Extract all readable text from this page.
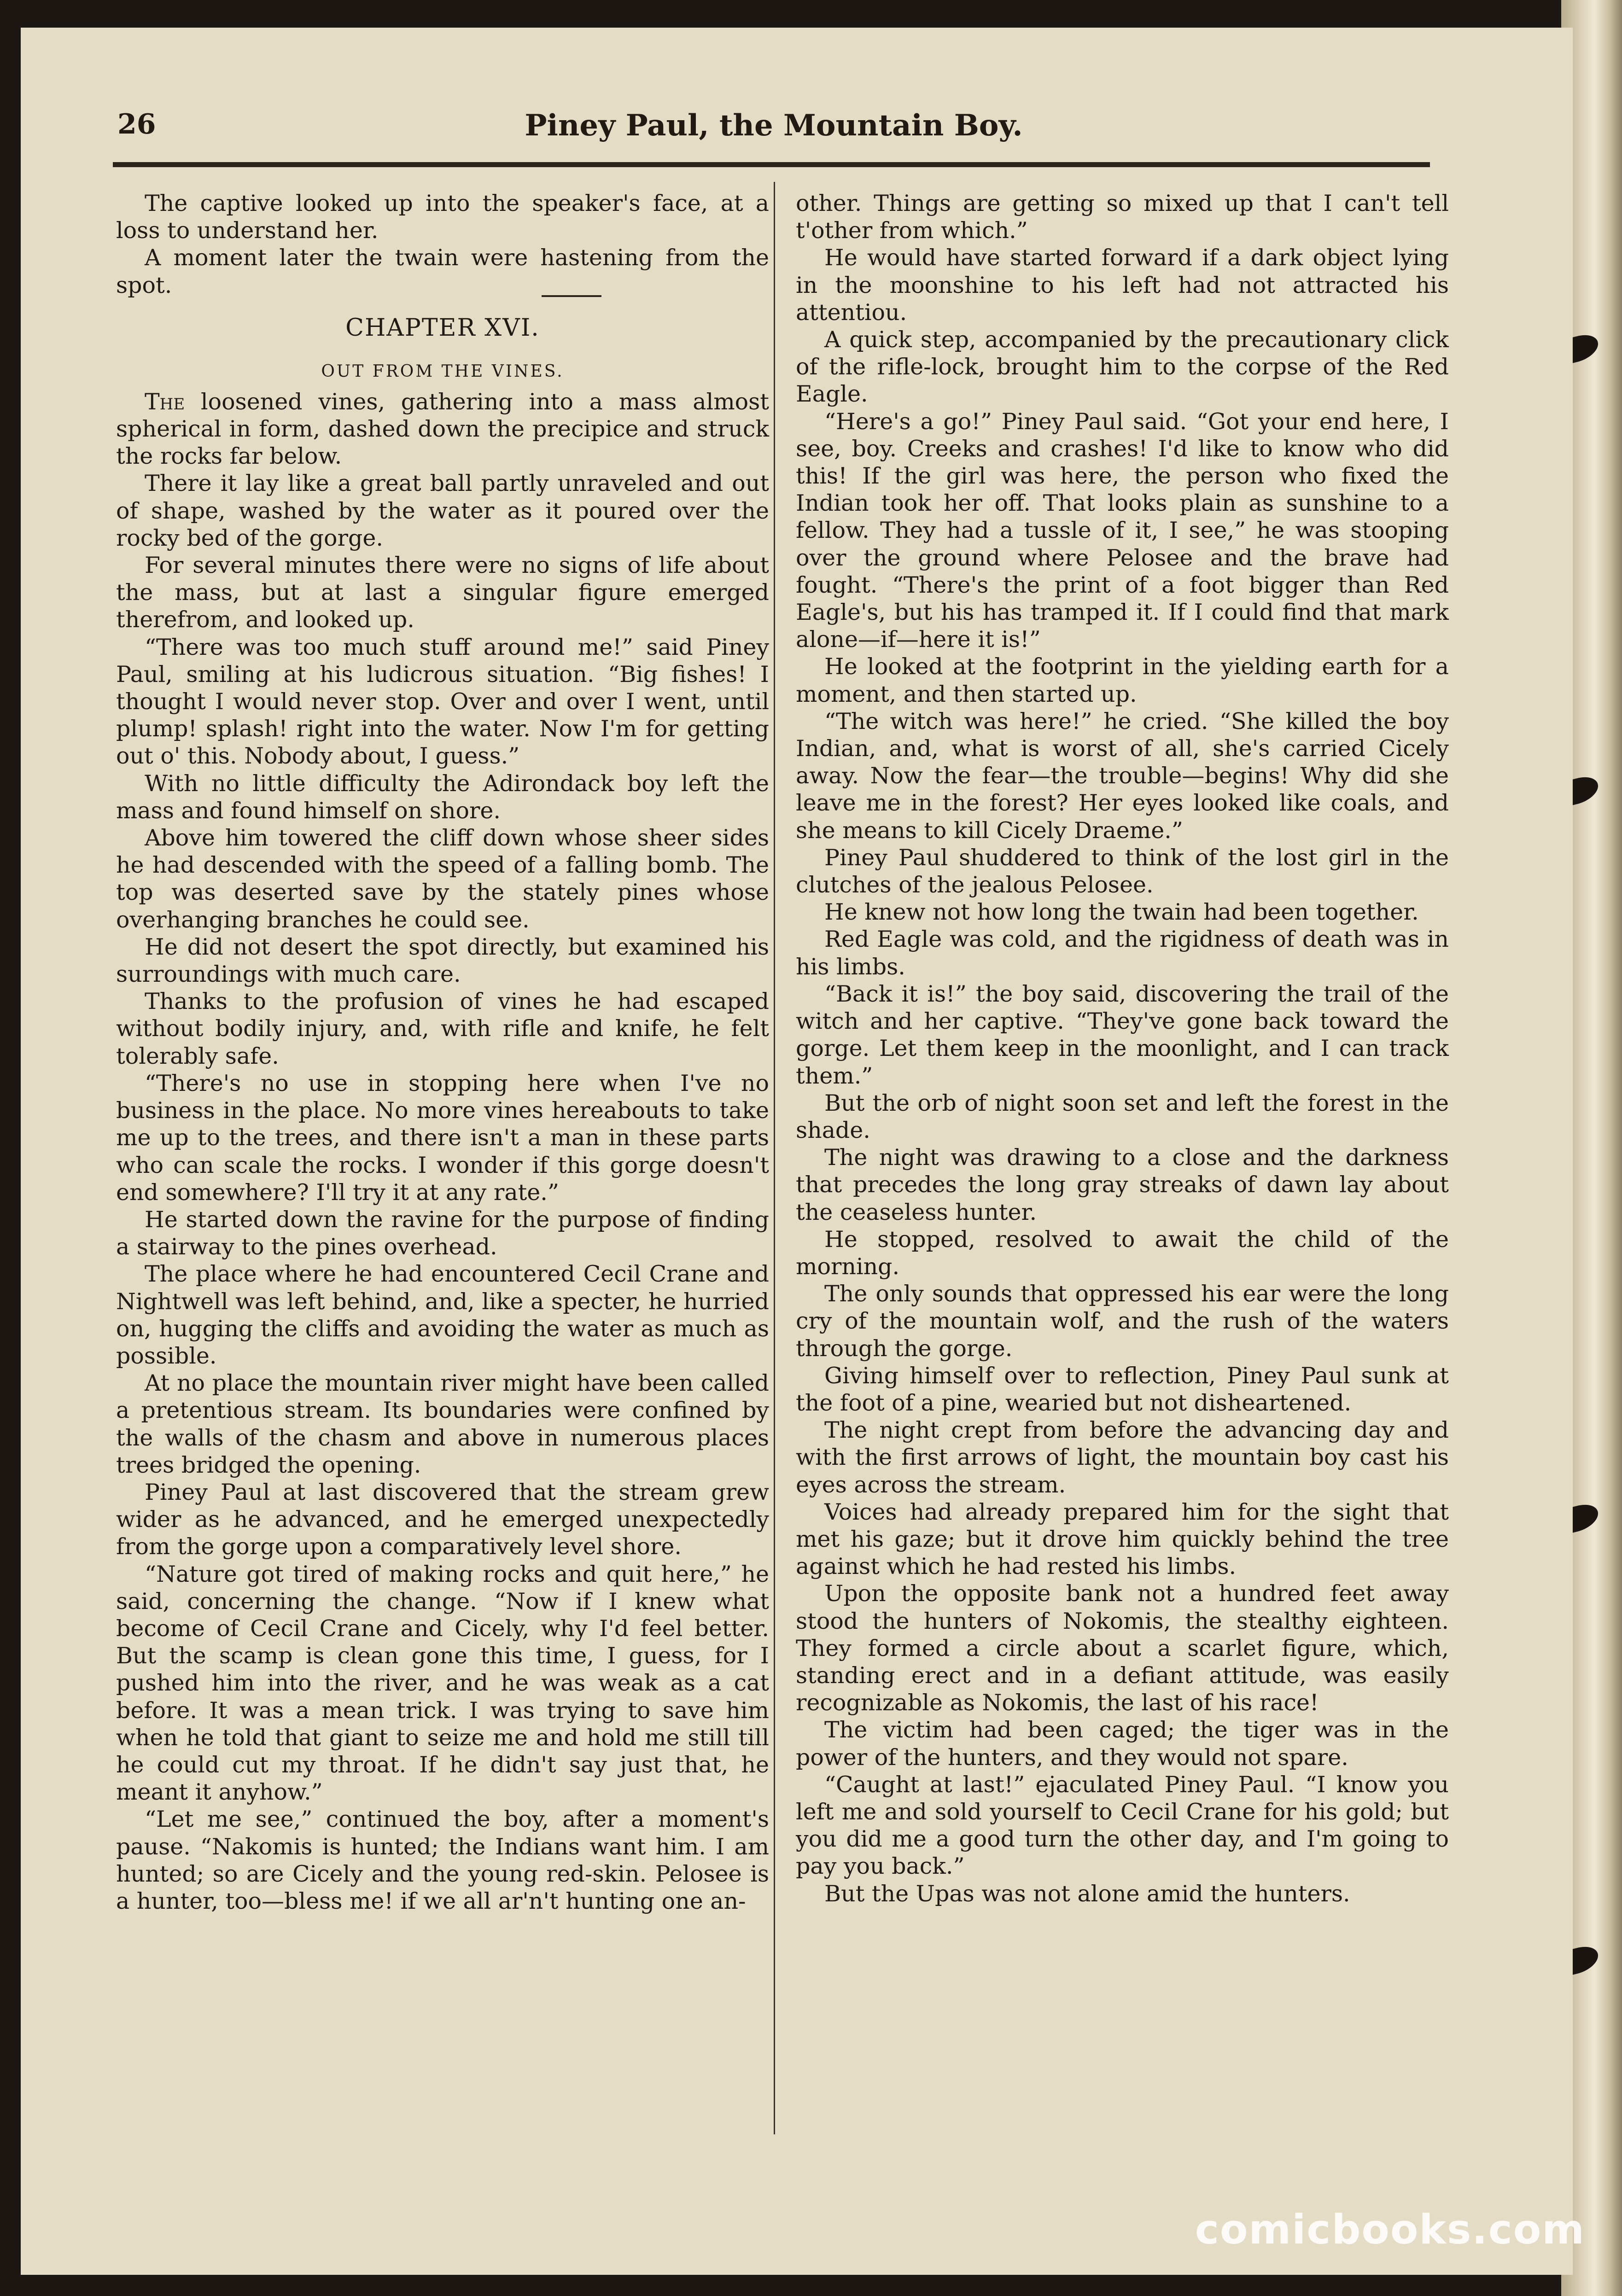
26	Piney Paul, the Mountain Boy.

The captive looked up into the speaker's face, at a loss to understand her.

A moment later the twain were hastening from the spot.

CHAPTER XVI.
OUT FROM THE VINES.

The loosened vines, gathering into a mass almost spherical in form, dashed down the precipice and struck the rocks far below.

There it lay like a great ball partly unraveled and out of shape, washed by the water as it poured over the rocky bed of the gorge.

For several minutes there were no signs of life about the mass, but at last a singular figure emerged therefrom, and looked up.

“There was too much stuff around me!” said Piney Paul, smiling at his ludicrous situation. “Big fishes! I thought I would never stop. Over and over I went, until plump! splash! right into the water. Now I'm for getting out o' this. Nobody about, I guess.”

With no little difficulty the Adirondack boy left the mass and found himself on shore.

Above him towered the cliff down whose sheer sides he had descended with the speed of a falling bomb. The top was deserted save by the stately pines whose overhanging branches he could see.

He did not desert the spot directly, but examined his surroundings with much care.

Thanks to the profusion of vines he had escaped without bodily injury, and, with rifle and knife, he felt tolerably safe.

“There's no use in stopping here when I've no business in the place. No more vines hereabouts to take me up to the trees, and there isn't a man in these parts who can scale the rocks. I wonder if this gorge doesn't end somewhere? I'll try it at any rate.”

He started down the ravine for the purpose of finding a stairway to the pines overhead.

The place where he had encountered Cecil Crane and Nightwell was left behind, and, like a specter, he hurried on, hugging the cliffs and avoiding the water as much as possible.

At no place the mountain river might have been called a pretentious stream. Its boundaries were confined by the walls of the chasm and above in numerous places trees bridged the opening.

Piney Paul at last discovered that the stream grew wider as he advanced, and he emerged unexpectedly from the gorge upon a comparatively level shore.

“Nature got tired of making rocks and quit here,” he said, concerning the change. “Now if I knew what become of Cecil Crane and Cicely, why I'd feel better. But the scamp is clean gone this time, I guess, for I pushed him into the river, and he was weak as a cat before. It was a mean trick. I was trying to save him when he told that giant to seize me and hold me still till he could cut my throat. If he didn't say just that, he meant it anyhow.”

“Let me see,” continued the boy, after a moment's pause. “Nakomis is hunted; the Indians want him. I am hunted; so are Cicely and the young red-skin. Pelosee is a hunter, too—bless me! if we all ar'n't hunting one an-

other. Things are getting so mixed up that I can't tell t'other from which.”

He would have started forward if a dark object lying in the moonshine to his left had not attracted his attentiou.

A quick step, accompanied by the precautionary click of the rifle-lock, brought him to the corpse of the Red Eagle.

“Here's a go!” Piney Paul said. “Got your end here, I see, boy. Creeks and crashes! I'd like to know who did this! If the girl was here, the person who fixed the Indian took her off. That looks plain as sunshine to a fellow. They had a tussle of it, I see,” he was stooping over the ground where Pelosee and the brave had fought. “There's the print of a foot bigger than Red Eagle's, but his has tramped it. If I could find that mark alone—if—here it is!”

He looked at the footprint in the yielding earth for a moment, and then started up.

“The witch was here!” he cried. “She killed the boy Indian, and, what is worst of all, she's carried Cicely away. Now the fear—the trouble—begins! Why did she leave me in the forest? Her eyes looked like coals, and she means to kill Cicely Draeme.”

Piney Paul shuddered to think of the lost girl in the clutches of the jealous Pelosee.

He knew not how long the twain had been together.

Red Eagle was cold, and the rigidness of death was in his limbs.

“Back it is!” the boy said, discovering the trail of the witch and her captive. “They've gone back toward the gorge. Let them keep in the moonlight, and I can track them.”

But the orb of night soon set and left the forest in the shade.

The night was drawing to a close and the darkness that precedes the long gray streaks of dawn lay about the ceaseless hunter.

He stopped, resolved to await the child of the morning.

The only sounds that oppressed his ear were the long cry of the mountain wolf, and the rush of the waters through the gorge.

Giving himself over to reflection, Piney Paul sunk at the foot of a pine, wearied but not disheartened.

The night crept from before the advancing day and with the first arrows of light, the mountain boy cast his eyes across the stream.

Voices had already prepared him for the sight that met his gaze; but it drove him quickly behind the tree against which he had rested his limbs.

Upon the opposite bank not a hundred feet away stood the hunters of Nokomis, the stealthy eighteen. They formed a circle about a scarlet figure, which, standing erect and in a defiant attitude, was easily recognizable as Nokomis, the last of his race!

The victim had been caged; the tiger was in the power of the hunters, and they would not spare.

“Caught at last!” ejaculated Piney Paul. “I know you left me and sold yourself to Cecil Crane for his gold; but you did me a good turn the other day, and I'm going to pay you back.”

But the Upas was not alone amid the hunters.

comicbooks.com
